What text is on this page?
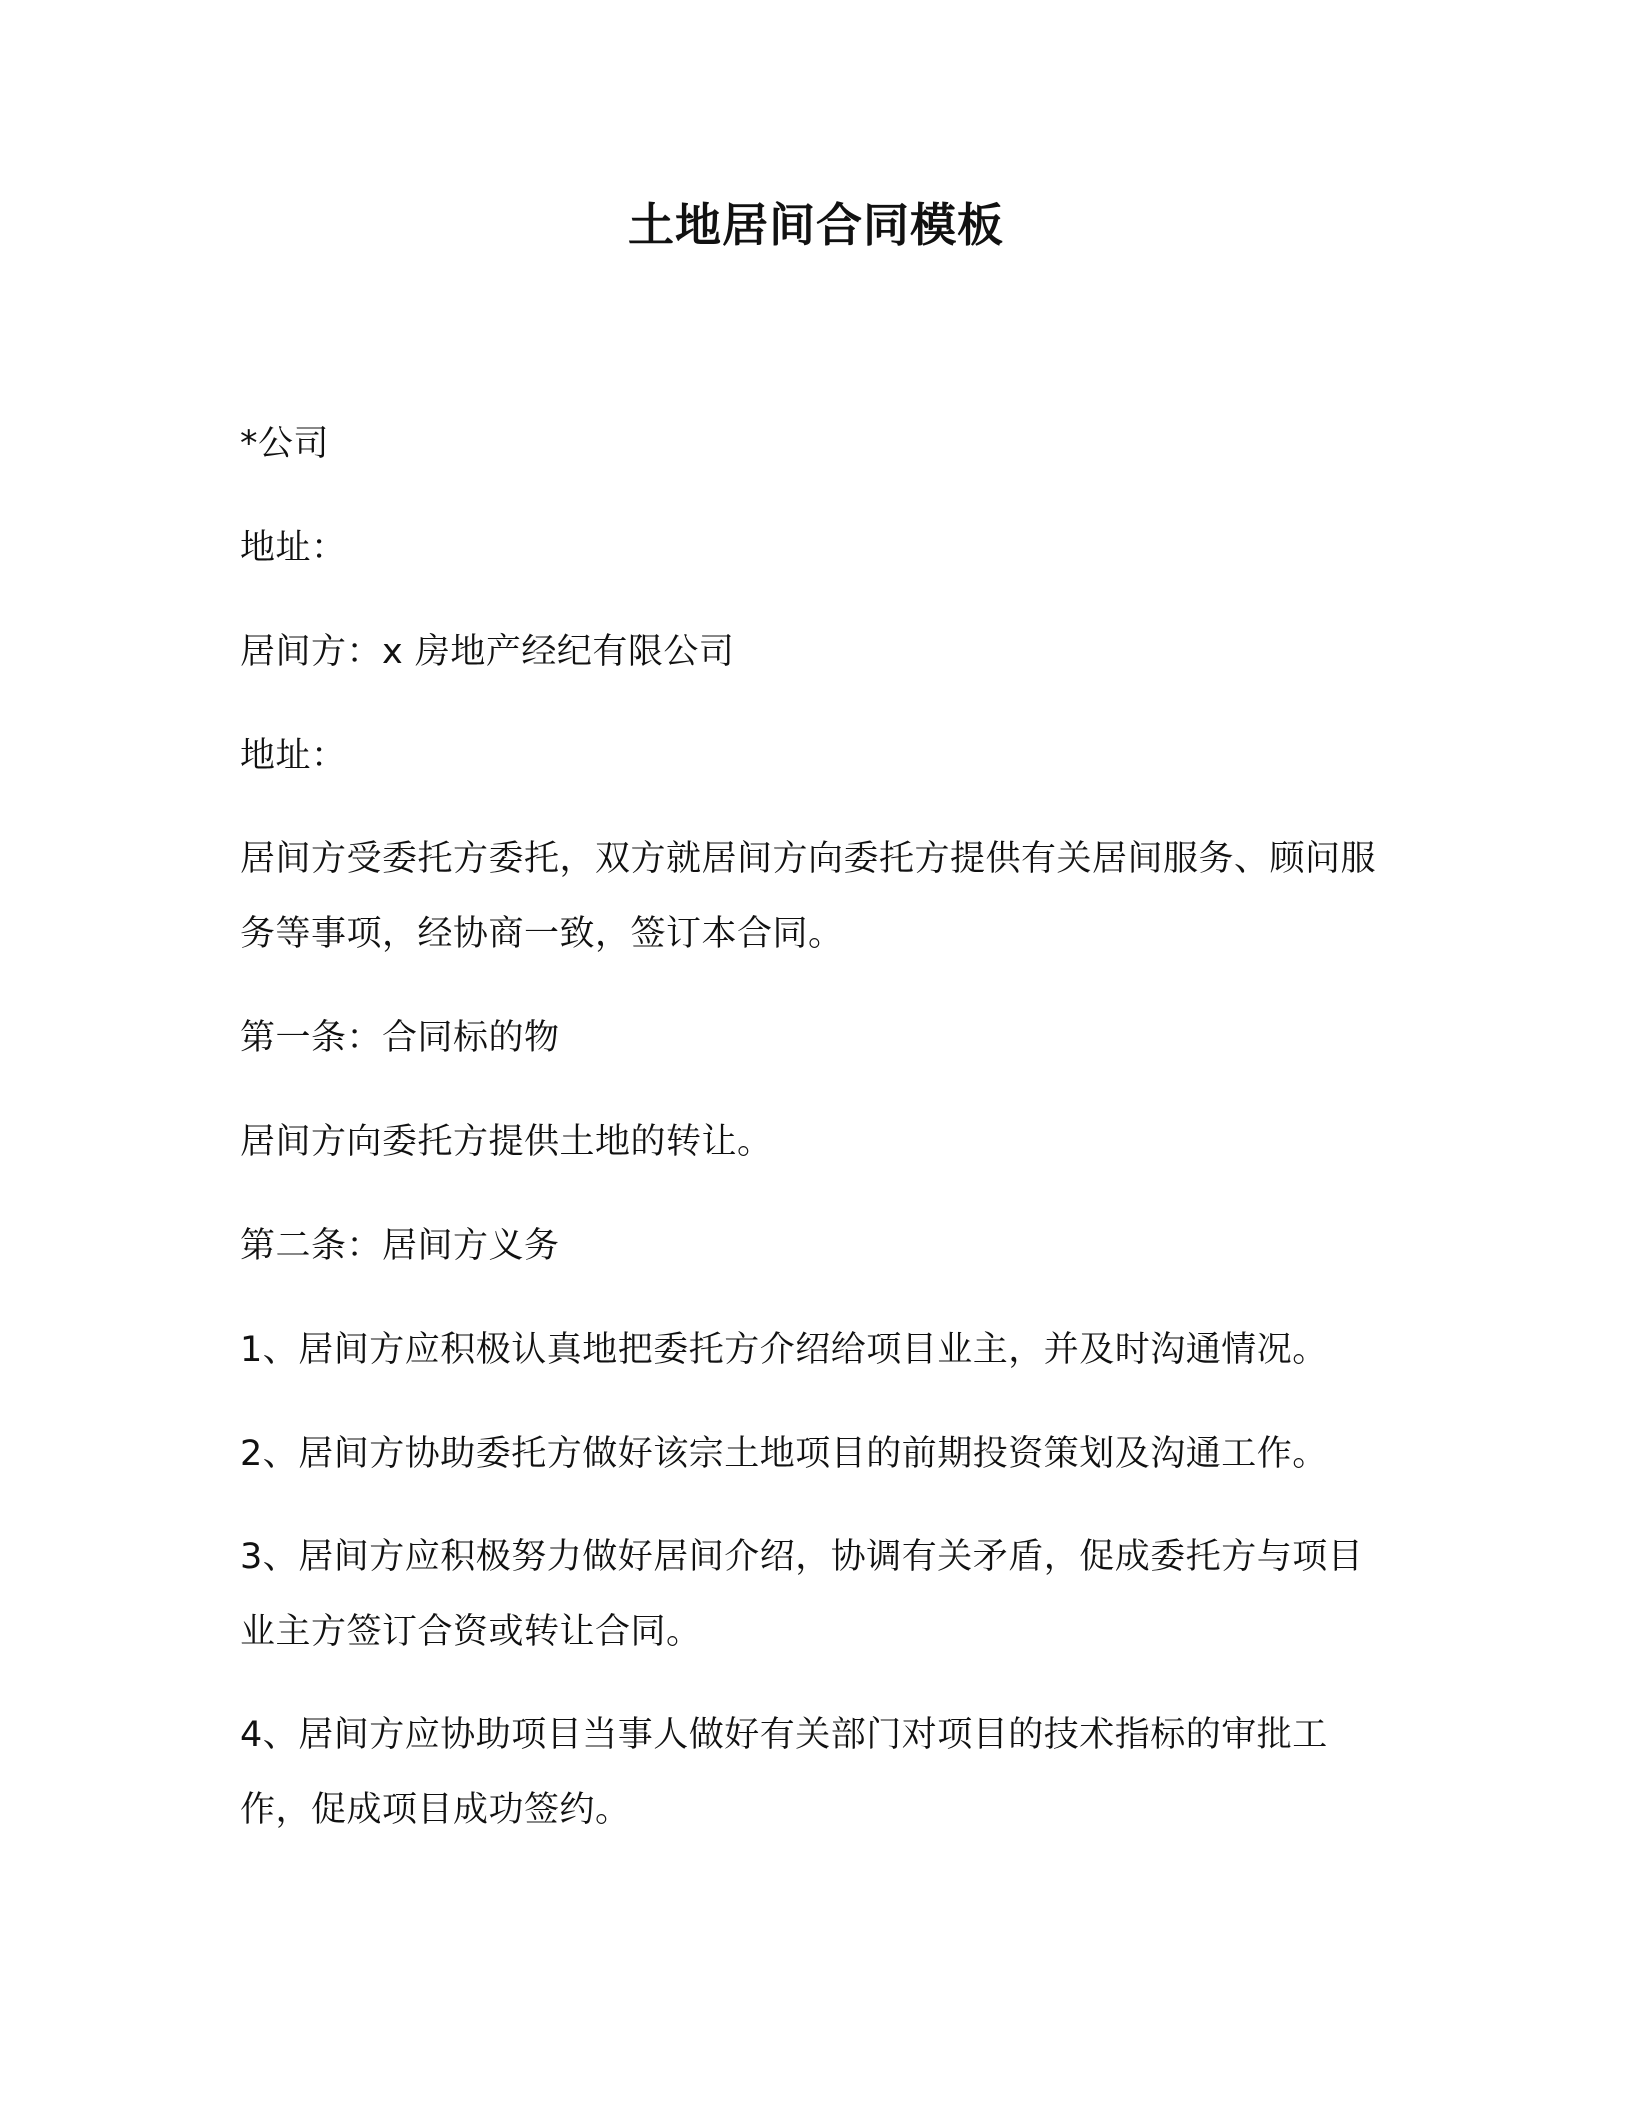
土地居间合同模板

*公司

地址：

居间方：x 房地产经纪有限公司

地址：

居间方受委托方委托，双方就居间方向委托方提供有关居间服务、顾问服务等事项，经协商一致，签订本合同。

第一条：合同标的物

居间方向委托方提供土地的转让。

第二条：居间方义务

1、居间方应积极认真地把委托方介绍给项目业主，并及时沟通情况。

2、居间方协助委托方做好该宗土地项目的前期投资策划及沟通工作。

3、居间方应积极努力做好居间介绍，协调有关矛盾，促成委托方与项目业主方签订合资或转让合同。

4、居间方应协助项目当事人做好有关部门对项目的技术指标的审批工作，促成项目成功签约。
